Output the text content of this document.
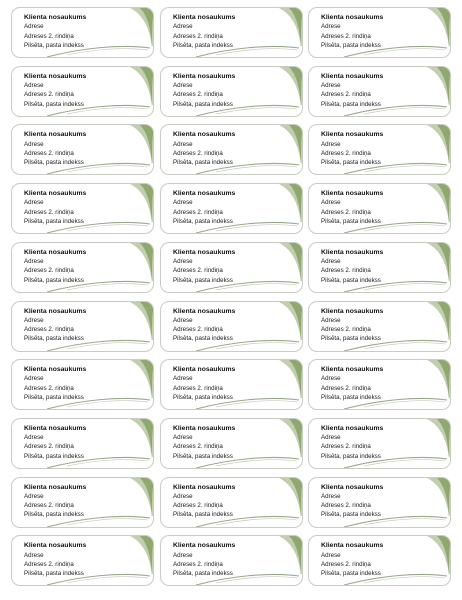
Klienta nosaukums
Adrese
Adreses 2. rindiņa
Pilsēta, pasta indekss
Klienta nosaukums
Adrese
Adreses 2. rindiņa
Pilsēta, pasta indekss
Klienta nosaukums
Adrese
Adreses 2. rindiņa
Pilsēta, pasta indekss
Klienta nosaukums
Adrese
Adreses 2. rindiņa
Pilsēta, pasta indekss
Klienta nosaukums
Adrese
Adreses 2. rindiņa
Pilsēta, pasta indekss
Klienta nosaukums
Adrese
Adreses 2. rindiņa
Pilsēta, pasta indekss
Klienta nosaukums
Adrese
Adreses 2. rindiņa
Pilsēta, pasta indekss
Klienta nosaukums
Adrese
Adreses 2. rindiņa
Pilsēta, pasta indekss
Klienta nosaukums
Adrese
Adreses 2. rindiņa
Pilsēta, pasta indekss
Klienta nosaukums
Adrese
Adreses 2. rindiņa
Pilsēta, pasta indekss
Klienta nosaukums
Adrese
Adreses 2. rindiņa
Pilsēta, pasta indekss
Klienta nosaukums
Adrese
Adreses 2. rindiņa
Pilsēta, pasta indekss
Klienta nosaukums
Adrese
Adreses 2. rindiņa
Pilsēta, pasta indekss
Klienta nosaukums
Adrese
Adreses 2. rindiņa
Pilsēta, pasta indekss
Klienta nosaukums
Adrese
Adreses 2. rindiņa
Pilsēta, pasta indekss
Klienta nosaukums
Adrese
Adreses 2. rindiņa
Pilsēta, pasta indekss
Klienta nosaukums
Adrese
Adreses 2. rindiņa
Pilsēta, pasta indekss
Klienta nosaukums
Adrese
Adreses 2. rindiņa
Pilsēta, pasta indekss
Klienta nosaukums
Adrese
Adreses 2. rindiņa
Pilsēta, pasta indekss
Klienta nosaukums
Adrese
Adreses 2. rindiņa
Pilsēta, pasta indekss
Klienta nosaukums
Adrese
Adreses 2. rindiņa
Pilsēta, pasta indekss
Klienta nosaukums
Adrese
Adreses 2. rindiņa
Pilsēta, pasta indekss
Klienta nosaukums
Adrese
Adreses 2. rindiņa
Pilsēta, pasta indekss
Klienta nosaukums
Adrese
Adreses 2. rindiņa
Pilsēta, pasta indekss
Klienta nosaukums
Adrese
Adreses 2. rindiņa
Pilsēta, pasta indekss
Klienta nosaukums
Adrese
Adreses 2. rindiņa
Pilsēta, pasta indekss
Klienta nosaukums
Adrese
Adreses 2. rindiņa
Pilsēta, pasta indekss
Klienta nosaukums
Adrese
Adreses 2. rindiņa
Pilsēta, pasta indekss
Klienta nosaukums
Adrese
Adreses 2. rindiņa
Pilsēta, pasta indekss
Klienta nosaukums
Adrese
Adreses 2. rindiņa
Pilsēta, pasta indekss
